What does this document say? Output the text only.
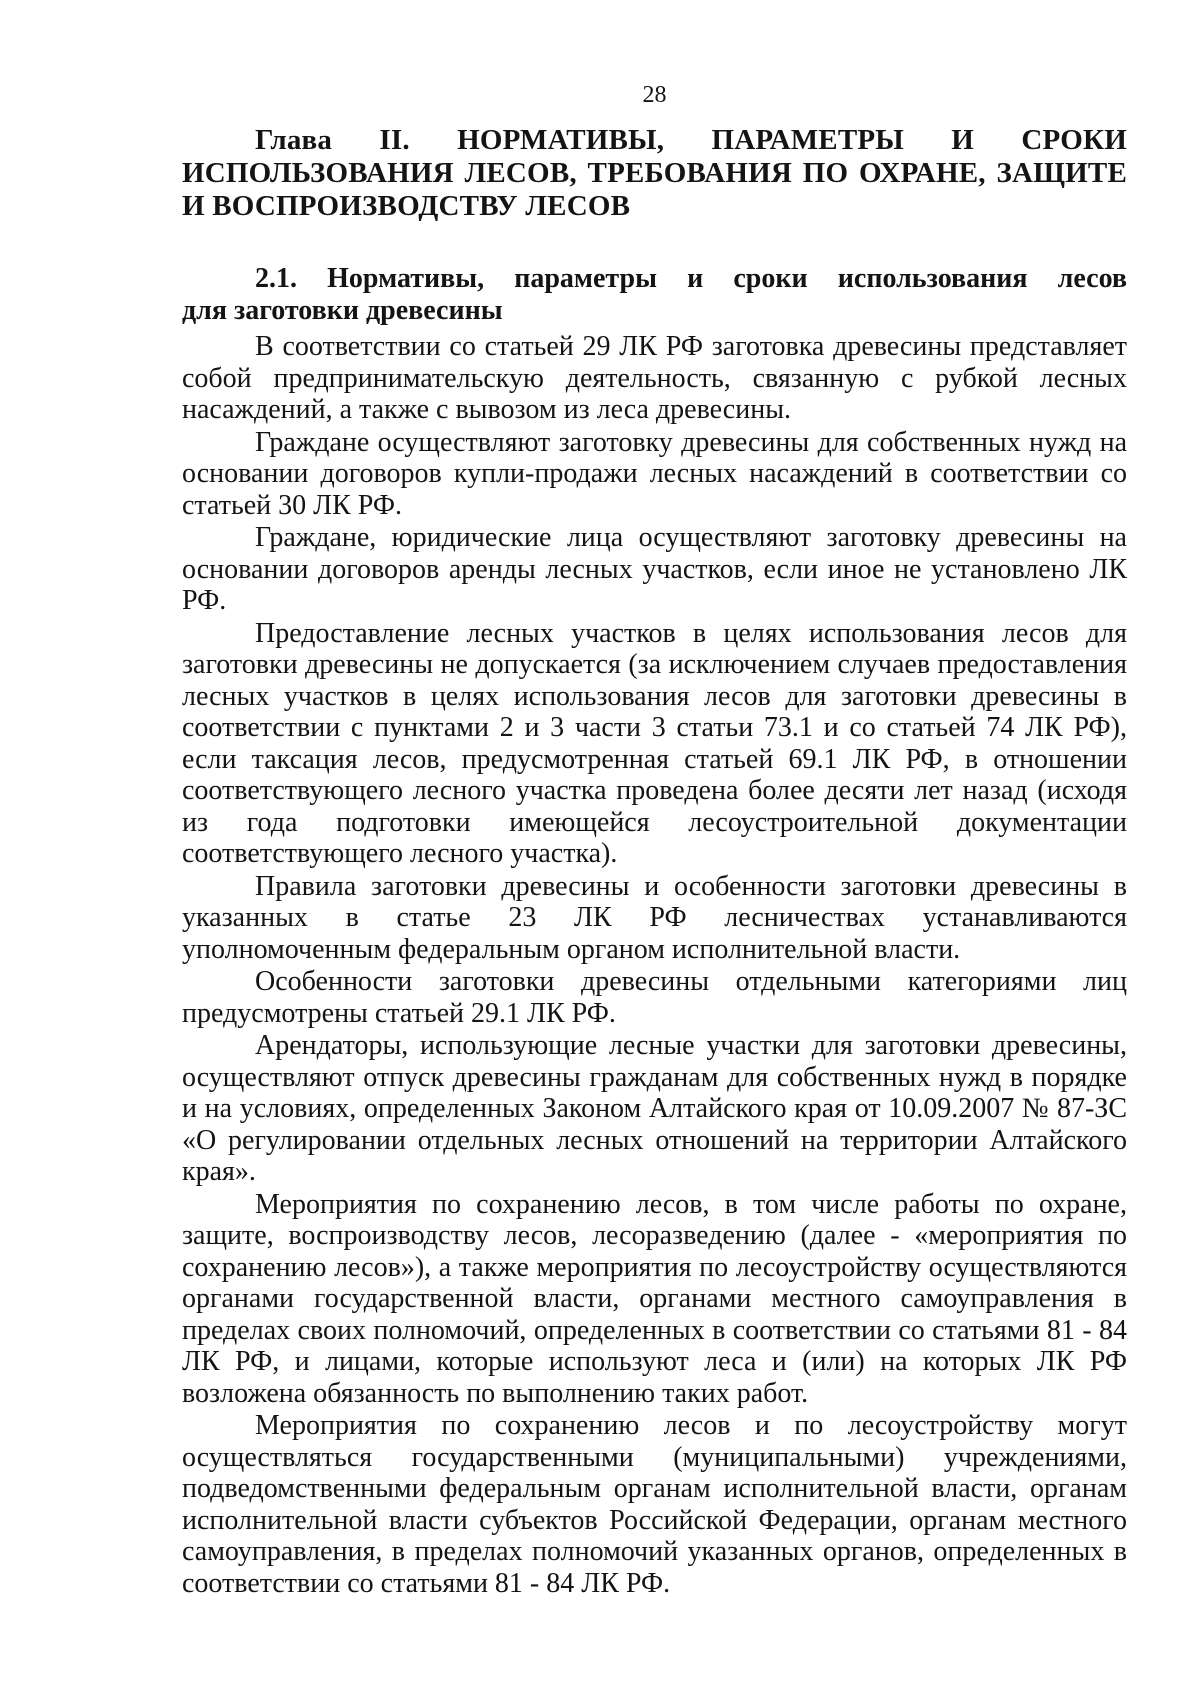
28
Глава II. НОРМАТИВЫ, ПАРАМЕТРЫ И СРОКИ
ИСПОЛЬЗОВАНИЯ ЛЕСОВ, ТРЕБОВАНИЯ ПО ОХРАНЕ, ЗАЩИТЕ И ВОСПРОИЗВОДСТВУ ЛЕСОВ
2.1. Нормативы, параметры и сроки использования лесов
для заготовки древесины

В соответствии со статьей 29 ЛК РФ заготовка древесины представляет собой предпринимательскую деятельность, связанную с рубкой лесных насаждений, а также с вывозом из леса древесины.

Граждане осуществляют заготовку древесины для собственных нужд на основании договоров купли-продажи лесных насаждений в соответствии со статьей 30 ЛК РФ.

Граждане, юридические лица осуществляют заготовку древесины на основании договоров аренды лесных участков, если иное не установлено ЛК РФ.

Предоставление лесных участков в целях использования лесов для заготовки древесины не допускается (за исключением случаев предоставления лесных участков в целях использования лесов для заготовки древесины в соответствии с пунктами 2 и 3 части 3 статьи 73.1 и со статьей 74 ЛК РФ), если таксация лесов, предусмотренная статьей 69.1 ЛК РФ, в отношении соответствующего лесного участка проведена более десяти лет назад (исходя из года подготовки имеющейся лесоустроительной документации соответствующего лесного участка).

Правила заготовки древесины и особенности заготовки древесины в указанных в статье 23 ЛК РФ лесничествах устанавливаются уполномоченным федеральным органом исполнительной власти.

Особенности заготовки древесины отдельными категориями лиц предусмотрены статьей 29.1 ЛК РФ.

Арендаторы, использующие лесные участки для заготовки древесины, осуществляют отпуск древесины гражданам для собственных нужд в порядке и на условиях, определенных Законом Алтайского края от 10.09.2007 № 87-ЗС «О регулировании отдельных лесных отношений на территории Алтайского края».

Мероприятия по сохранению лесов, в том числе работы по охране, защите, воспроизводству лесов, лесоразведению (далее - «мероприятия по сохранению лесов»), а также мероприятия по лесоустройству осуществляются органами государственной власти, органами местного самоуправления в пределах своих полномочий, определенных в соответствии со статьями 81 - 84 ЛК РФ, и лицами, которые используют леса и (или) на которых ЛК РФ возложена обязанность по выполнению таких работ.

Мероприятия по сохранению лесов и по лесоустройству могут осуществляться государственными (муниципальными) учреждениями, подведомственными федеральным органам исполнительной власти, органам исполнительной власти субъектов Российской Федерации, органам местного самоуправления, в пределах полномочий указанных органов, определенных в соответствии со статьями 81 - 84 ЛК РФ.
